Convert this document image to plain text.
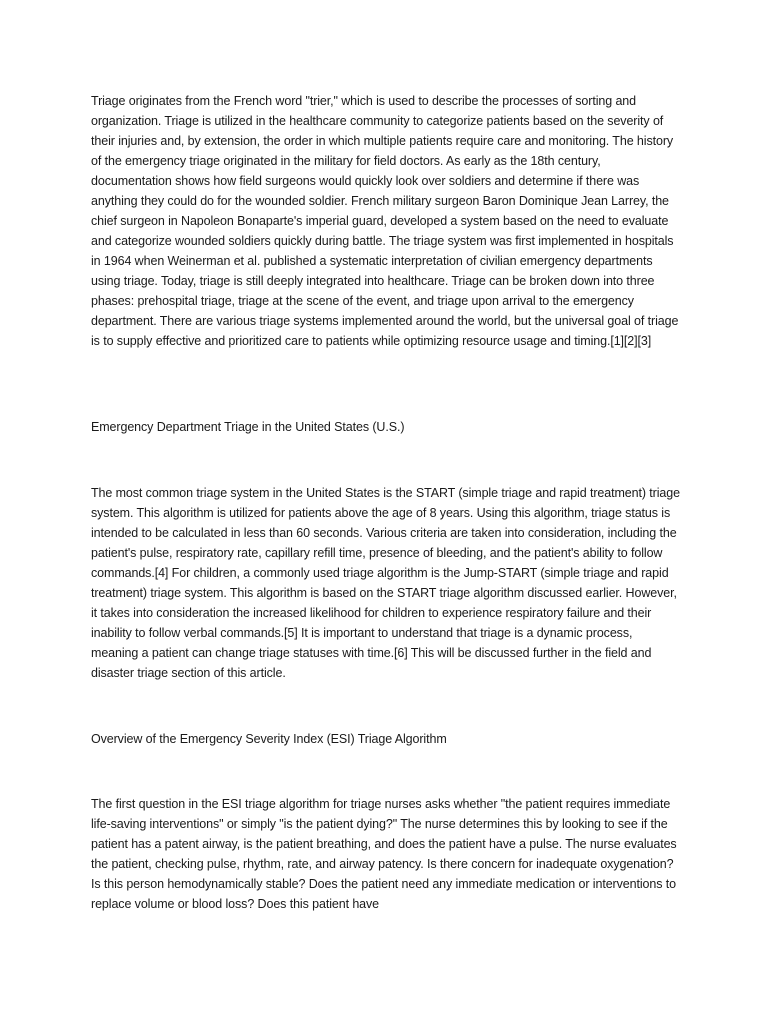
Triage originates from the French word "trier," which is used to describe the processes of sorting and organization. Triage is utilized in the healthcare community to categorize patients based on the severity of their injuries and, by extension, the order in which multiple patients require care and monitoring. The history of the emergency triage originated in the military for field doctors. As early as the 18th century, documentation shows how field surgeons would quickly look over soldiers and determine if there was anything they could do for the wounded soldier. French military surgeon Baron Dominique Jean Larrey, the chief surgeon in Napoleon Bonaparte's imperial guard, developed a system based on the need to evaluate and categorize wounded soldiers quickly during battle. The triage system was first implemented in hospitals in 1964 when Weinerman et al. published a systematic interpretation of civilian emergency departments using triage. Today, triage is still deeply integrated into healthcare. Triage can be broken down into three phases: prehospital triage, triage at the scene of the event, and triage upon arrival to the emergency department. There are various triage systems implemented around the world, but the universal goal of triage is to supply effective and prioritized care to patients while optimizing resource usage and timing.[1][2][3]

Emergency Department Triage in the United States (U.S.)

The most common triage system in the United States is the START (simple triage and rapid treatment) triage system. This algorithm is utilized for patients above the age of 8 years. Using this algorithm, triage status is intended to be calculated in less than 60 seconds. Various criteria are taken into consideration, including the patient's pulse, respiratory rate, capillary refill time, presence of bleeding, and the patient's ability to follow commands.[4] For children, a commonly used triage algorithm is the Jump-START (simple triage and rapid treatment) triage system. This algorithm is based on the START triage algorithm discussed earlier. However, it takes into consideration the increased likelihood for children to experience respiratory failure and their inability to follow verbal commands.[5] It is important to understand that triage is a dynamic process, meaning a patient can change triage statuses with time.[6] This will be discussed further in the field and disaster triage section of this article.

Overview of the Emergency Severity Index (ESI) Triage Algorithm

The first question in the ESI triage algorithm for triage nurses asks whether "the patient requires immediate life-saving interventions" or simply "is the patient dying?" The nurse determines this by looking to see if the patient has a patent airway, is the patient breathing, and does the patient have a pulse. The nurse evaluates the patient, checking pulse, rhythm, rate, and airway patency. Is there concern for inadequate oxygenation? Is this person hemodynamically stable? Does the patient need any immediate medication or interventions to replace volume or blood loss? Does this patient have
